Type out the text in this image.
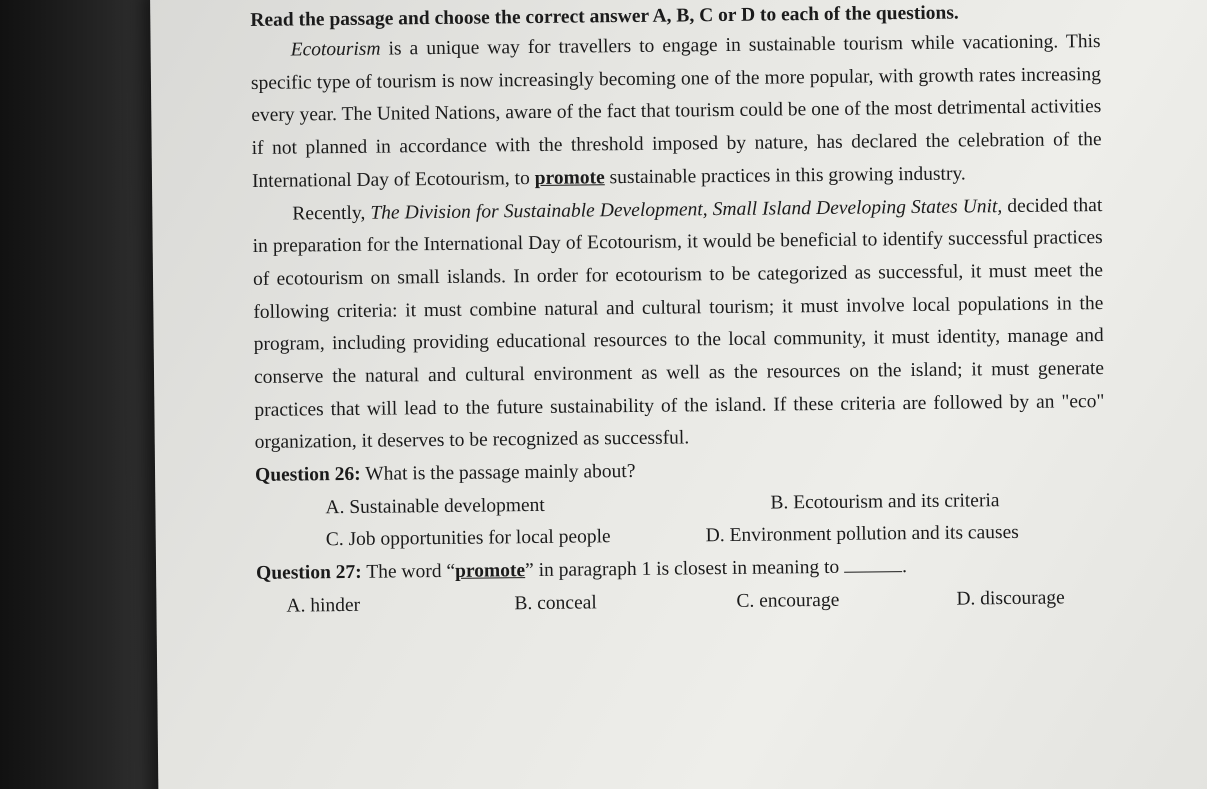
Read the passage and choose the correct answer A, B, C or D to each of the questions.

Ecotourism is a unique way for travellers to engage in sustainable tourism while vacationing. This specific type of tourism is now increasingly becoming one of the more popular, with growth rates increasing every year. The United Nations, aware of the fact that tourism could be one of the most detrimental activities if not planned in accordance with the threshold imposed by nature, has declared the celebration of the International Day of Ecotourism, to promote sustainable practices in this growing industry.

Recently, The Division for Sustainable Development, Small Island Developing States Unit, decided that in preparation for the International Day of Ecotourism, it would be beneficial to identify successful practices of ecotourism on small islands. In order for ecotourism to be categorized as successful, it must meet the following criteria: it must combine natural and cultural tourism; it must involve local populations in the program, including providing educational resources to the local community, it must identity, manage and conserve the natural and cultural environment as well as the resources on the island; it must generate practices that will lead to the future sustainability of the island. If these criteria are followed by an "eco" organization, it deserves to be recognized as successful.

Question 26: What is the passage mainly about?

A. Sustainable development	B. Ecotourism and its criteria
C. Job opportunities for local people	D. Environment pollution and its causes

Question 27: The word “promote” in paragraph 1 is closest in meaning to	.

A. hinder	B. conceal	C. encourage	D. discourage
